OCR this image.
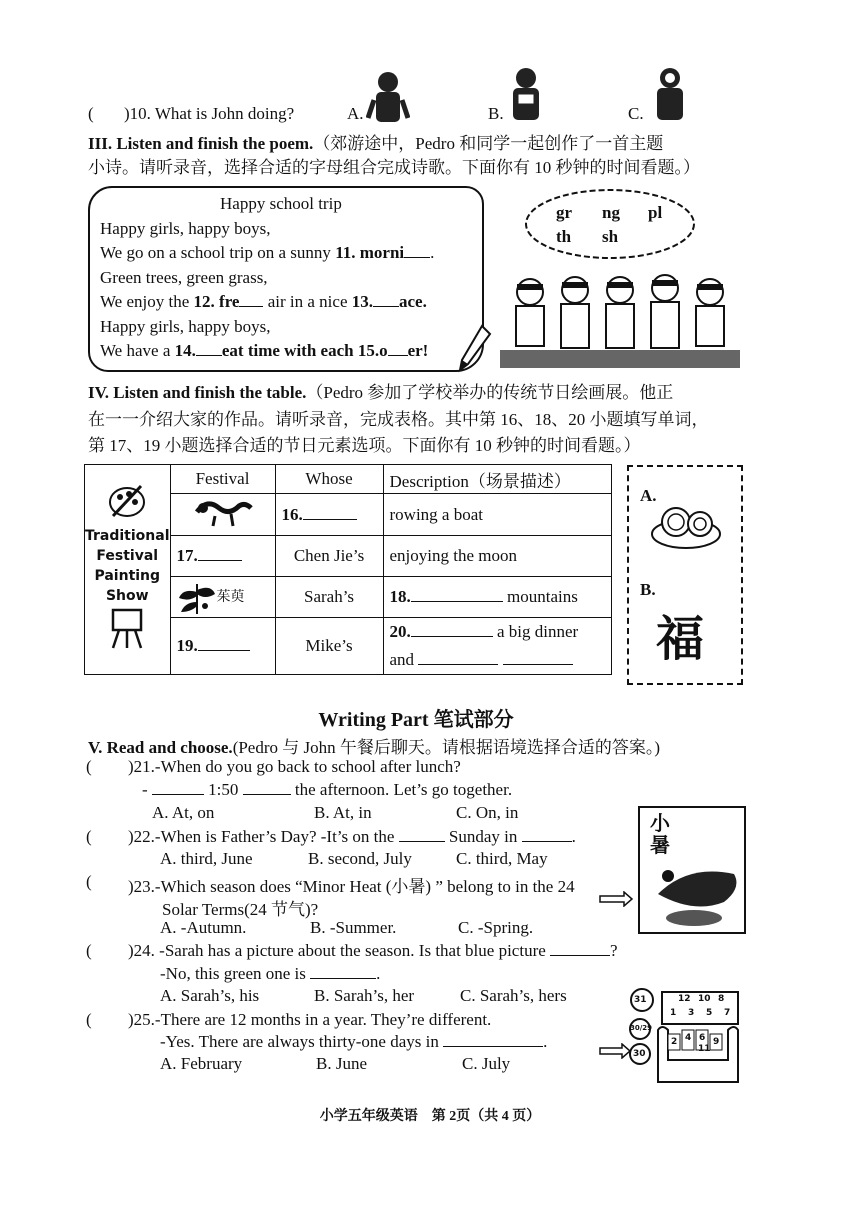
( )10. What is John doing?	A.	B.	C.
III. Listen and finish the poem.（郊游途中，Pedro 和同学一起创作了一首主题
小诗。请听录音，选择合适的字母组合完成诗歌。下面你有 10 秒钟的时间看题。）
Happy school trip
Happy girls, happy boys,
We go on a school trip on a sunny 11. morni .
Green trees, green grass,
We enjoy the 12. fre air in a nice 13. ace.
Happy girls, happy boys,
We have a 14. eat time with each 15.o er!
gr ng pl
th sh
IV. Listen and finish the table.（Pedro 参加了学校举办的传统节日绘画展。他正
在一一介绍大家的作品。请听录音，完成表格。其中第 16、18、20 小题填写单词，
第 17、19 小题选择合适的节日元素选项。下面你有 10 秒钟的时间看题。）

Traditional
Festival
Painting
Show	Festival	Whose	Description（场景描述）
	16.	rowing a boat
	17.	Chen Jie’s	enjoying the moon
	茱萸	Sarah’s	18. mountains
	19.	Mike’s	20. a big dinner
and
A.
B.
福
Writing Part 笔试部分
V. Read and choose.(Pedro 与 John 午餐后聊天。请根据语境选择合适的答案。)
( )21.-When do you go back to school after lunch?
-	1:50	the afternoon. Let’s go together.
A. At, on	B. At, in	C. On, in
( )22.-When is Father’s Day? -It’s on the	Sunday in	.
A. third, June	B. second, July	C. third, May
( )23.-Which season does “Minor Heat (小暑) ” belong to in the 24
Solar Terms(24 节气)?
A. -Autumn.	B. -Summer.	C. -Spring.
小暑
( )24. -Sarah has a picture about the season. Is that blue picture	?
-No, this green one is	.
A. Sarah’s, his	B. Sarah’s, her	C. Sarah’s, hers
( )25.-There are 12 months in a year. They’re different.
-Yes. There are always thirty-one days in	.
A. February	B. June	C. July
31
30/29
30
12 10 8
1 3 5 7
2 4 6 9
11
小学五年级英语　第 2页（共 4 页）
